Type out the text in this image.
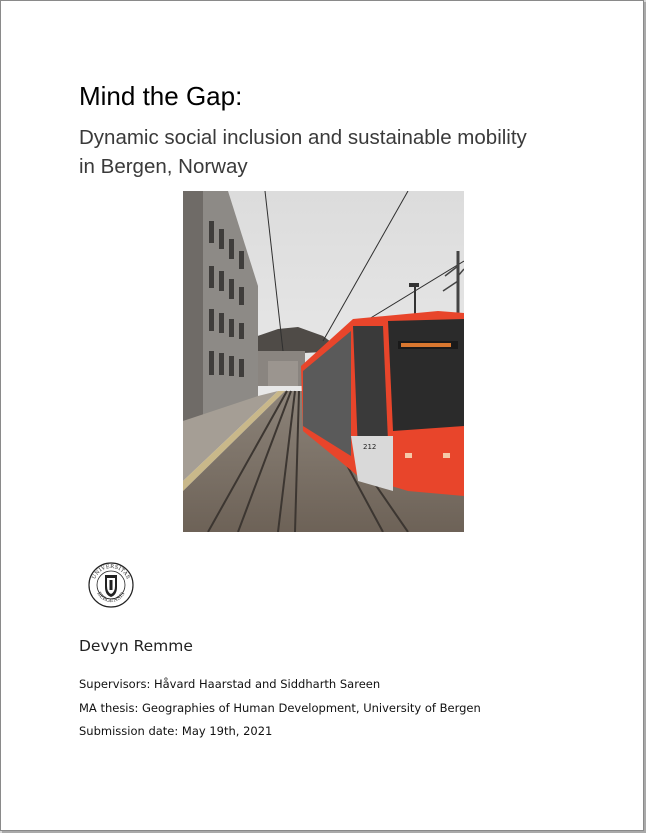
Mind the Gap:

Dynamic social inclusion and sustainable mobility
in Bergen, Norway

212
UNIVERSITAS
BERGENSIS
Devyn Remme
Supervisors: Håvard Haarstad and Siddharth Sareen
MA thesis: Geographies of Human Development, University of Bergen
Submission date: May 19th, 2021
